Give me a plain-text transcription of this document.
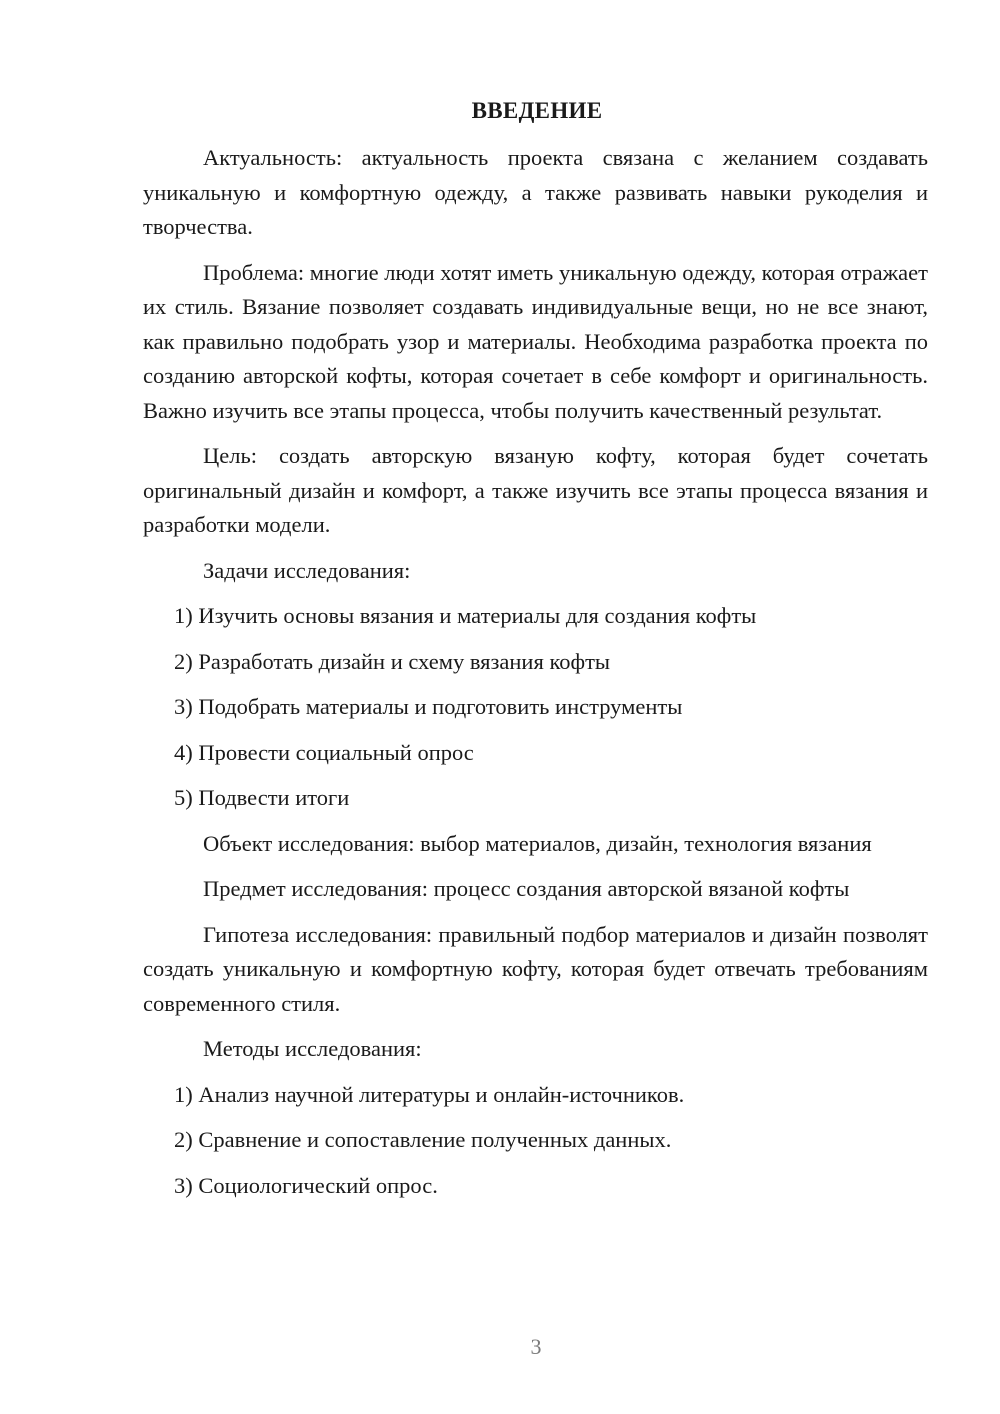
ВВЕДЕНИЕ

Актуальность: актуальность проекта связана с желанием создавать уникальную и комфортную одежду, а также развивать навыки рукоделия и творчества.

Проблема: многие люди хотят иметь уникальную одежду, которая отражает их стиль. Вязание позволяет создавать индивидуальные вещи, но не все знают, как правильно подобрать узор и материалы. Необходима разработка проекта по созданию авторской кофты, которая сочетает в себе комфорт и оригинальность. Важно изучить все этапы процесса, чтобы получить качественный результат.

Цель: создать авторскую вязаную кофту, которая будет сочетать оригинальный дизайн и комфорт, а также изучить все этапы процесса вязания и разработки модели.

Задачи исследования:
1) Изучить основы вязания и материалы для создания кофты
2) Разработать дизайн и схему вязания кофты
3) Подобрать материалы и подготовить инструменты
4) Провести социальный опрос
5) Подвести итоги

Объект исследования: выбор материалов, дизайн, технология вязания

Предмет исследования: процесс создания авторской вязаной кофты

Гипотеза исследования: правильный подбор материалов и дизайн позволят создать уникальную и комфортную кофту, которая будет отвечать требованиям современного стиля.

Методы исследования:
1) Анализ научной литературы и онлайн-источников.
2) Сравнение и сопоставление полученных данных.
3) Социологический опрос.
3
